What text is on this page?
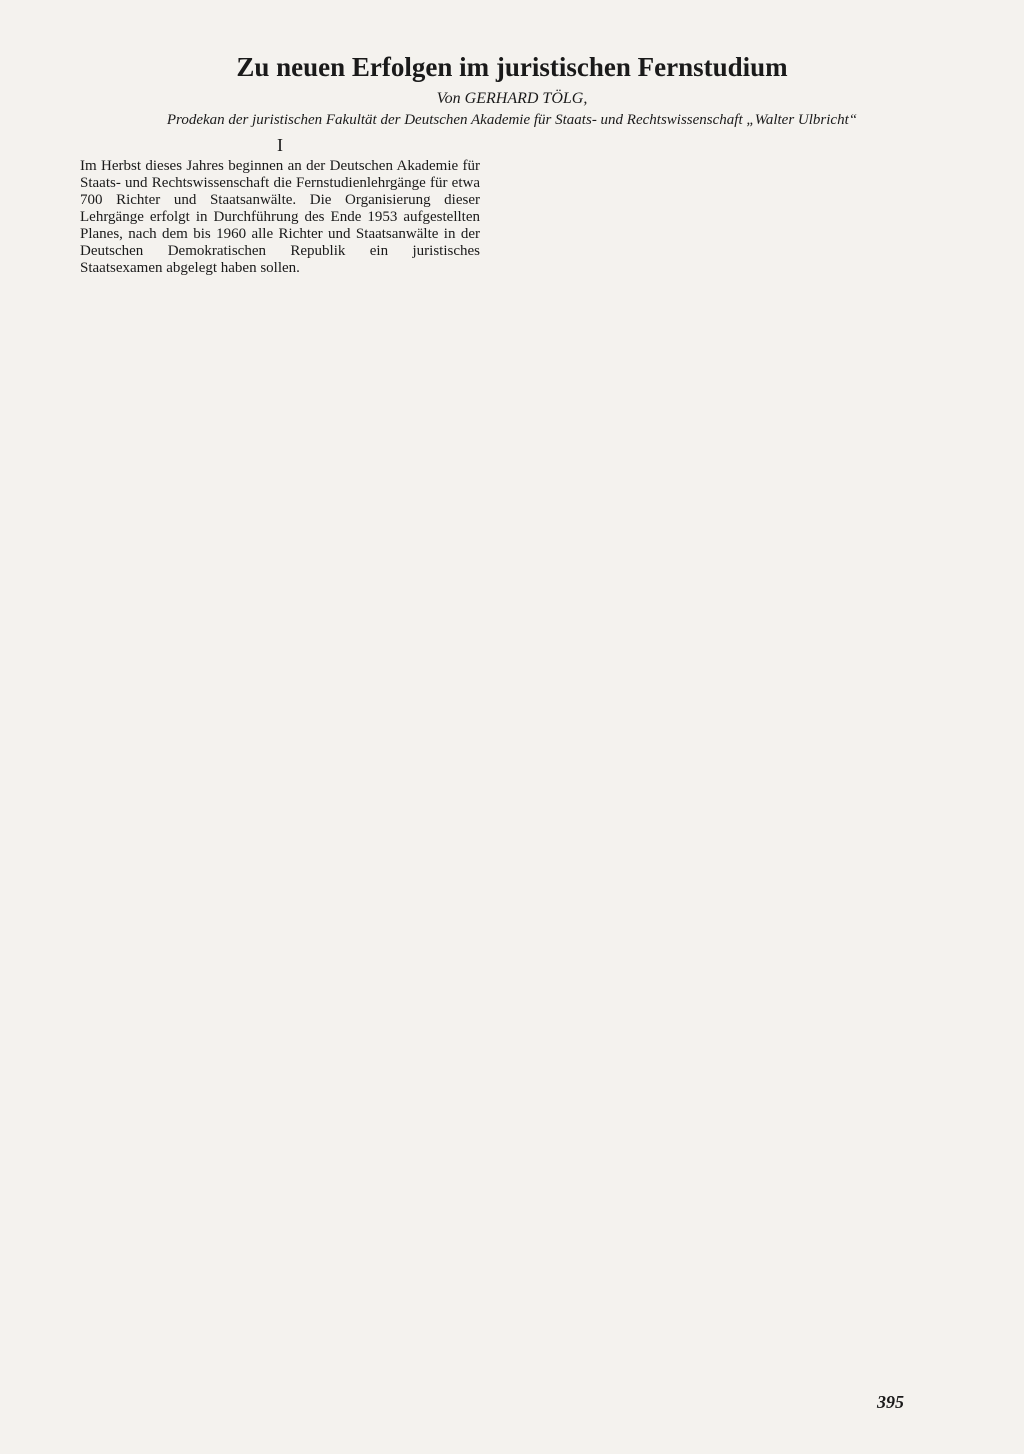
Zu neuen Erfolgen im juristischen Fernstudium
Von GERHARD TÖLG,
Prodekan der juristischen Fakultät der Deutschen Akademie für Staats- und Rechtswissenschaft „Walter Ulbricht“
I
Im Herbst dieses Jahres beginnen an der Deutschen Akademie für Staats- und Rechtswissenschaft die Fernstudienlehrgänge für etwa 700 Richter und Staatsanwälte. Die Organisierung dieser Lehrgänge erfolgt in Durchführung des Ende 1953 aufgestellten Planes, nach dem bis 1960 alle Richter und Staatsanwälte in der Deutschen Demokratischen Republik ein juristisches Staatsexamen abgelegt haben sollen.
395
